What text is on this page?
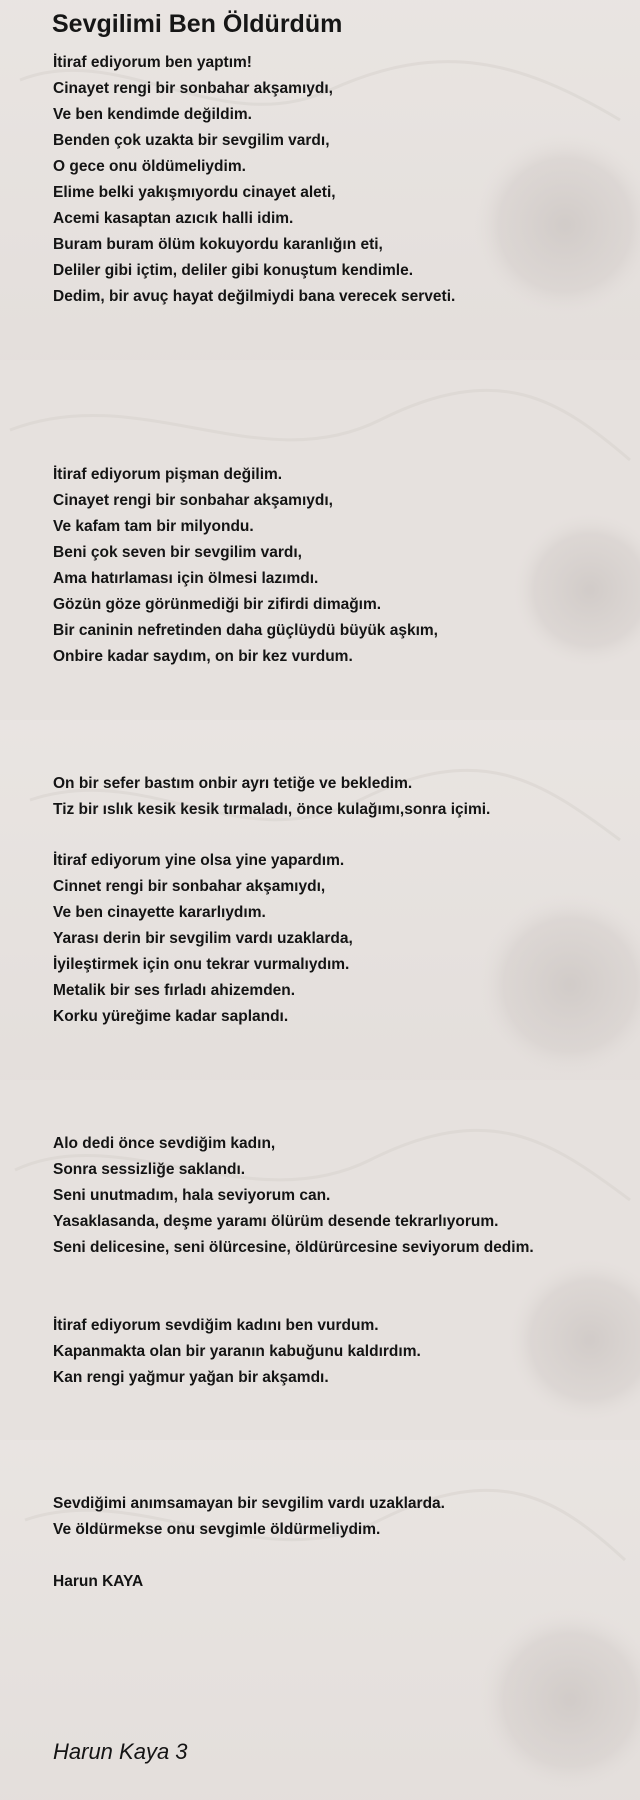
Sevgilimi Ben Öldürdüm
İtiraf ediyorum ben yaptım!
Cinayet rengi bir sonbahar akşamıydı,
Ve ben kendimde değildim.
Benden çok uzakta bir sevgilim vardı,
O gece onu öldümeliydim.
Elime belki yakışmıyordu cinayet aleti,
Acemi kasaptan azıcık halli idim.
Buram buram ölüm kokuyordu karanlığın eti,
Deliler gibi içtim, deliler gibi konuştum kendimle.
Dedim, bir avuç hayat değilmiydi bana verecek serveti.
İtiraf ediyorum pişman değilim.
Cinayet rengi bir sonbahar akşamıydı,
Ve kafam tam bir milyondu.
Beni çok seven bir sevgilim vardı,
Ama hatırlaması için ölmesi lazımdı.
Gözün göze görünmediği bir zifirdi dimağım.
Bir caninin nefretinden daha güçlüydü büyük aşkım,
Onbire kadar saydım, on bir kez vurdum.
On bir sefer bastım onbir ayrı tetiğe ve bekledim.
Tiz bir ıslık kesik kesik tırmaladı, önce kulağımı,sonra içimi.
İtiraf ediyorum yine olsa yine yapardım.
Cinnet rengi bir sonbahar akşamıydı,
Ve ben cinayette kararlıydım.
Yarası derin bir sevgilim vardı uzaklarda,
İyileştirmek için onu tekrar vurmalıydım.
Metalik bir ses fırladı ahizemden.
Korku yüreğime kadar saplandı.
Alo dedi önce sevdiğim kadın,
Sonra sessizliğe saklandı.
Seni unutmadım, hala seviyorum can.
Yasaklasanda, deşme yaramı ölürüm desende tekrarlıyorum.
Seni delicesine, seni ölürcesine, öldürürcesine seviyorum dedim.
İtiraf ediyorum sevdiğim kadını ben vurdum.
Kapanmakta olan bir yaranın kabuğunu kaldırdım.
Kan rengi yağmur yağan bir akşamdı.
Sevdiğimi anımsamayan bir sevgilim vardı uzaklarda.
Ve öldürmekse onu sevgimle öldürmeliydim.
Harun KAYA
Harun Kaya 3
